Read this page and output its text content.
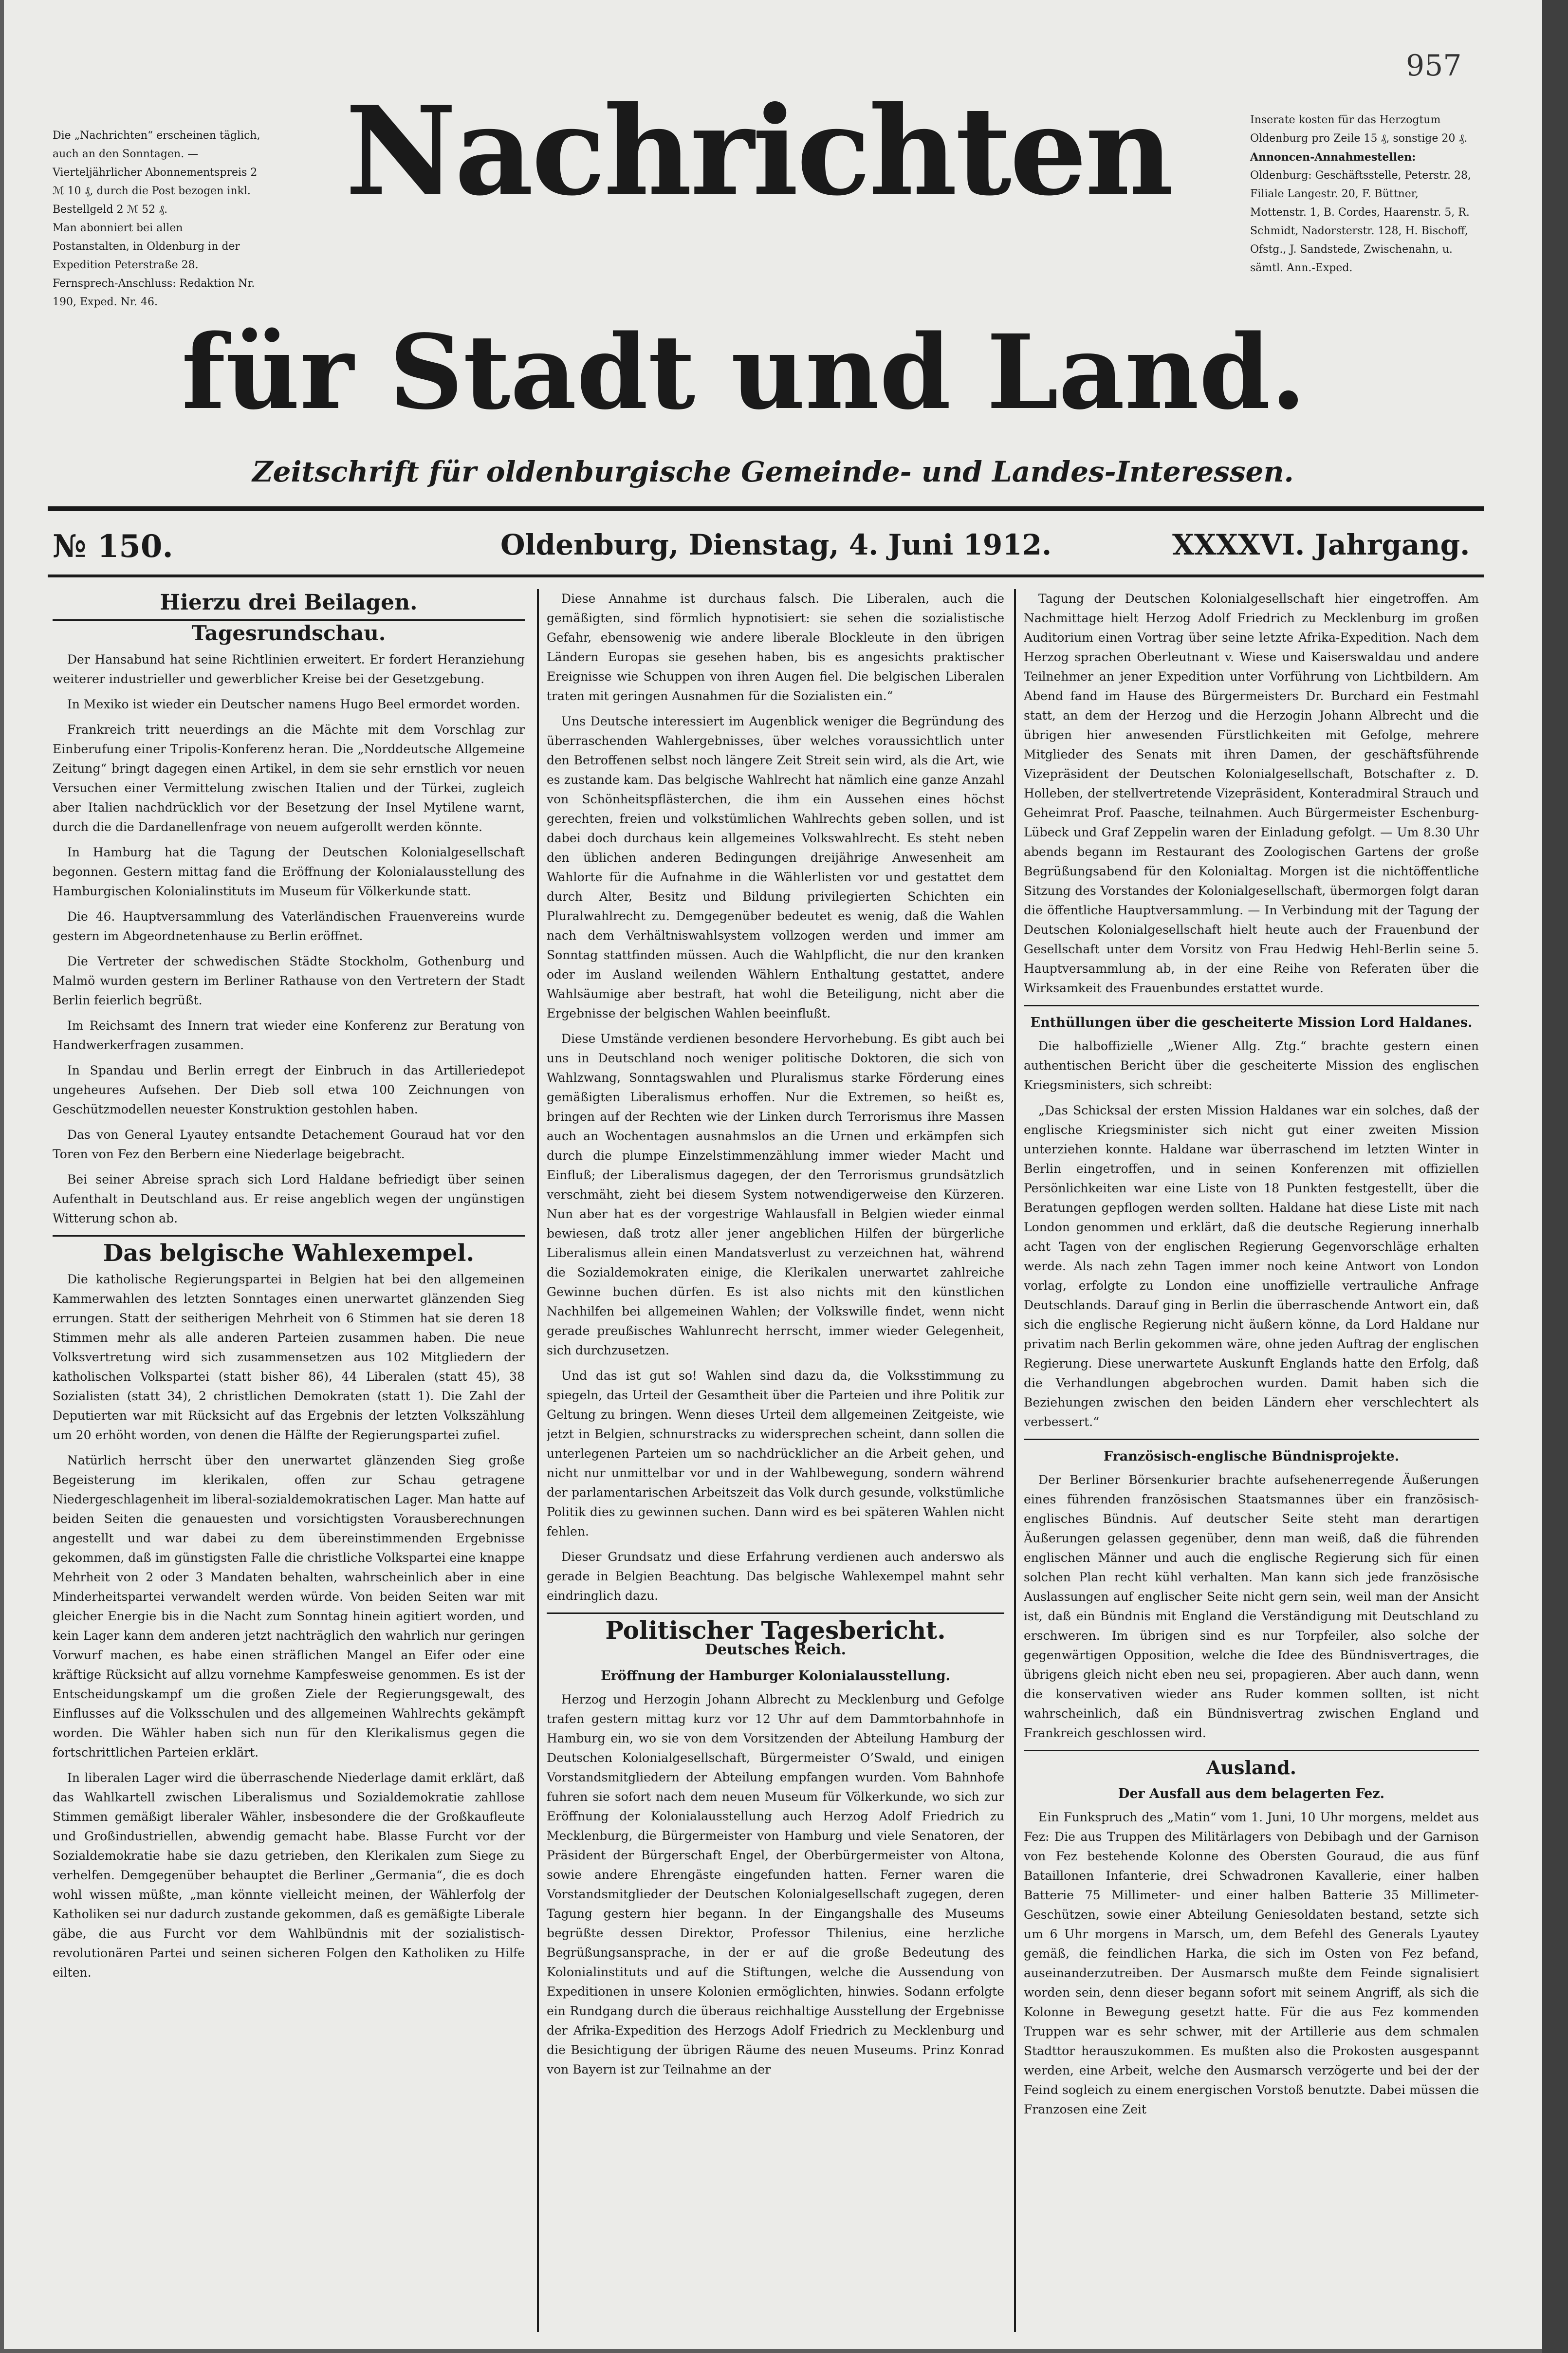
957

Die „Nachrichten“ erscheinen täglich, auch an den Sonntagen. — Vierteljährlicher Abonnementspreis 2 ℳ 10 ₰, durch die Post bezogen inkl. Bestellgeld 2 ℳ 52 ₰.

Man abonniert bei allen Postanstalten, in Oldenburg in der Expedition Peterstraße 28.

Fernsprech-Anschluss: Redaktion Nr. 190, Exped. Nr. 46.

Inserate kosten für das Herzogtum Oldenburg pro Zeile 15 ₰, sonstige 20 ₰.

Annoncen-Annahmestellen:

Oldenburg: Geschäftsstelle, Peterstr. 28, Filiale Langestr. 20, F. Büttner, Mottenstr. 1, B. Cordes, Haarenstr. 5, R. Schmidt, Nadorsterstr. 128, H. Bischoff, Ofstg., J. Sandstede, Zwischenahn, u. sämtl. Ann.-Exped.

Nachrichten
für Stadt und Land.
Zeitschrift für oldenburgische Gemeinde- und Landes-Interessen.
№ 150.	Oldenburg, Dienstag, 4. Juni 1912.	XXXXVI. Jahrgang.
Hierzu drei Beilagen.
Tagesrundschau.

Der Hansabund hat seine Richtlinien erweitert. Er fordert Heranziehung weiterer industrieller und gewerblicher Kreise bei der Gesetzgebung.

In Mexiko ist wieder ein Deutscher namens Hugo Beel ermordet worden.

Frankreich tritt neuerdings an die Mächte mit dem Vorschlag zur Einberufung einer Tripolis-Konferenz heran. Die „Norddeutsche Allgemeine Zeitung“ bringt dagegen einen Artikel, in dem sie sehr ernstlich vor neuen Versuchen einer Vermittelung zwischen Italien und der Türkei, zugleich aber Italien nachdrücklich vor der Besetzung der Insel Mytilene warnt, durch die die Dardanellenfrage von neuem aufgerollt werden könnte.

In Hamburg hat die Tagung der Deutschen Kolonialgesellschaft begonnen. Gestern mittag fand die Eröffnung der Kolonialausstellung des Hamburgischen Kolonialinstituts im Museum für Völkerkunde statt.

Die 46. Hauptversammlung des Vaterländischen Frauenvereins wurde gestern im Abgeordnetenhause zu Berlin eröffnet.

Die Vertreter der schwedischen Städte Stockholm, Gothenburg und Malmö wurden gestern im Berliner Rathause von den Vertretern der Stadt Berlin feierlich begrüßt.

Im Reichsamt des Innern trat wieder eine Konferenz zur Beratung von Handwerkerfragen zusammen.

In Spandau und Berlin erregt der Einbruch in das Artilleriedepot ungeheures Aufsehen. Der Dieb soll etwa 100 Zeichnungen von Geschützmodellen neuester Konstruktion gestohlen haben.

Das von General Lyautey entsandte Detachement Gouraud hat vor den Toren von Fez den Berbern eine Niederlage beigebracht.

Bei seiner Abreise sprach sich Lord Haldane befriedigt über seinen Aufenthalt in Deutschland aus. Er reise angeblich wegen der ungünstigen Witterung schon ab.

Das belgische Wahlexempel.

Die katholische Regierungspartei in Belgien hat bei den allgemeinen Kammerwahlen des letzten Sonntages einen unerwartet glänzenden Sieg errungen. Statt der seitherigen Mehrheit von 6 Stimmen hat sie deren 18 Stimmen mehr als alle anderen Parteien zusammen haben. Die neue Volksvertretung wird sich zusammensetzen aus 102 Mitgliedern der katholischen Volkspartei (statt bisher 86), 44 Liberalen (statt 45), 38 Sozialisten (statt 34), 2 christlichen Demokraten (statt 1). Die Zahl der Deputierten war mit Rücksicht auf das Ergebnis der letzten Volkszählung um 20 erhöht worden, von denen die Hälfte der Regierungspartei zufiel.

Natürlich herrscht über den unerwartet glänzenden Sieg große Begeisterung im klerikalen, offen zur Schau getragene Niedergeschlagenheit im liberal-sozialdemokratischen Lager. Man hatte auf beiden Seiten die genauesten und vorsichtigsten Vorausberechnungen angestellt und war dabei zu dem übereinstimmenden Ergebnisse gekommen, daß im günstigsten Falle die christliche Volkspartei eine knappe Mehrheit von 2 oder 3 Mandaten behalten, wahrscheinlich aber in eine Minderheitspartei verwandelt werden würde. Von beiden Seiten war mit gleicher Energie bis in die Nacht zum Sonntag hinein agitiert worden, und kein Lager kann dem anderen jetzt nachträglich den wahrlich nur geringen Vorwurf machen, es habe einen sträflichen Mangel an Eifer oder eine kräftige Rücksicht auf allzu vornehme Kampfesweise genommen. Es ist der Entscheidungskampf um die großen Ziele der Regierungsgewalt, des Einflusses auf die Volksschulen und des allgemeinen Wahlrechts gekämpft worden. Die Wähler haben sich nun für den Klerikalismus gegen die fortschrittlichen Parteien erklärt.

In liberalen Lager wird die überraschende Niederlage damit erklärt, daß das Wahlkartell zwischen Liberalismus und Sozialdemokratie zahllose Stimmen gemäßigt liberaler Wähler, insbesondere die der Großkaufleute und Großindustriellen, abwendig gemacht habe. Blasse Furcht vor der Sozialdemokratie habe sie dazu getrieben, den Klerikalen zum Siege zu verhelfen. Demgegenüber behauptet die Berliner „Germania“, die es doch wohl wissen müßte, „man könnte vielleicht meinen, der Wählerfolg der Katholiken sei nur dadurch zustande gekommen, daß es gemäßigte Liberale gäbe, die aus Furcht vor dem Wahlbündnis mit der sozialistisch-revolutionären Partei und seinen sicheren Folgen den Katholiken zu Hilfe eilten.

Diese Annahme ist durchaus falsch. Die Liberalen, auch die gemäßigten, sind förmlich hypnotisiert: sie sehen die sozialistische Gefahr, ebensowenig wie andere liberale Blockleute in den übrigen Ländern Europas sie gesehen haben, bis es angesichts praktischer Ereignisse wie Schuppen von ihren Augen fiel. Die belgischen Liberalen traten mit geringen Ausnahmen für die Sozialisten ein.“

Uns Deutsche interessiert im Augenblick weniger die Begründung des überraschenden Wahlergebnisses, über welches voraussichtlich unter den Betroffenen selbst noch längere Zeit Streit sein wird, als die Art, wie es zustande kam. Das belgische Wahlrecht hat nämlich eine ganze Anzahl von Schönheitspflästerchen, die ihm ein Aussehen eines höchst gerechten, freien und volkstümlichen Wahlrechts geben sollen, und ist dabei doch durchaus kein allgemeines Volkswahlrecht. Es steht neben den üblichen anderen Bedingungen dreijährige Anwesenheit am Wahlorte für die Aufnahme in die Wählerlisten vor und gestattet dem durch Alter, Besitz und Bildung privilegierten Schichten ein Pluralwahlrecht zu. Demgegenüber bedeutet es wenig, daß die Wahlen nach dem Verhältniswahlsystem vollzogen werden und immer am Sonntag stattfinden müssen. Auch die Wahlpflicht, die nur den kranken oder im Ausland weilenden Wählern Enthaltung gestattet, andere Wahlsäumige aber bestraft, hat wohl die Beteiligung, nicht aber die Ergebnisse der belgischen Wahlen beeinflußt.

Diese Umstände verdienen besondere Hervorhebung. Es gibt auch bei uns in Deutschland noch weniger politische Doktoren, die sich von Wahlzwang, Sonntagswahlen und Pluralismus starke Förderung eines gemäßigten Liberalismus erhoffen. Nur die Extremen, so heißt es, bringen auf der Rechten wie der Linken durch Terrorismus ihre Massen auch an Wochentagen ausnahmslos an die Urnen und erkämpfen sich durch die plumpe Einzelstimmenzählung immer wieder Macht und Einfluß; der Liberalismus dagegen, der den Terrorismus grundsätzlich verschmäht, zieht bei diesem System notwendigerweise den Kürzeren. Nun aber hat es der vorgestrige Wahlausfall in Belgien wieder einmal bewiesen, daß trotz aller jener angeblichen Hilfen der bürgerliche Liberalismus allein einen Mandatsverlust zu verzeichnen hat, während die Sozialdemokraten einige, die Klerikalen unerwartet zahlreiche Gewinne buchen dürfen. Es ist also nichts mit den künstlichen Nachhilfen bei allgemeinen Wahlen; der Volkswille findet, wenn nicht gerade preußisches Wahlunrecht herrscht, immer wieder Gelegenheit, sich durchzusetzen.

Und das ist gut so! Wahlen sind dazu da, die Volksstimmung zu spiegeln, das Urteil der Gesamtheit über die Parteien und ihre Politik zur Geltung zu bringen. Wenn dieses Urteil dem allgemeinen Zeitgeiste, wie jetzt in Belgien, schnurstracks zu widersprechen scheint, dann sollen die unterlegenen Parteien um so nachdrücklicher an die Arbeit gehen, und nicht nur unmittelbar vor und in der Wahlbewegung, sondern während der parlamentarischen Arbeitszeit das Volk durch gesunde, volkstümliche Politik dies zu gewinnen suchen. Dann wird es bei späteren Wahlen nicht fehlen.

Dieser Grundsatz und diese Erfahrung verdienen auch anderswo als gerade in Belgien Beachtung. Das belgische Wahlexempel mahnt sehr eindringlich dazu.

Politischer Tagesbericht.
Deutsches Reich.
Eröffnung der Hamburger Kolonialausstellung.

Herzog und Herzogin Johann Albrecht zu Mecklenburg und Gefolge trafen gestern mittag kurz vor 12 Uhr auf dem Dammtorbahnhofe in Hamburg ein, wo sie von dem Vorsitzenden der Abteilung Hamburg der Deutschen Kolonialgesellschaft, Bürgermeister O’Swald, und einigen Vorstandsmitgliedern der Abteilung empfangen wurden. Vom Bahnhofe fuhren sie sofort nach dem neuen Museum für Völkerkunde, wo sich zur Eröffnung der Kolonialausstellung auch Herzog Adolf Friedrich zu Mecklenburg, die Bürgermeister von Hamburg und viele Senatoren, der Präsident der Bürgerschaft Engel, der Oberbürgermeister von Altona, sowie andere Ehrengäste eingefunden hatten. Ferner waren die Vorstandsmitglieder der Deutschen Kolonialgesellschaft zugegen, deren Tagung gestern hier begann. In der Eingangshalle des Museums begrüßte dessen Direktor, Professor Thilenius, eine herzliche Begrüßungsansprache, in der er auf die große Bedeutung des Kolonialinstituts und auf die Stiftungen, welche die Aussendung von Expeditionen in unsere Kolonien ermöglichten, hinwies. Sodann erfolgte ein Rundgang durch die überaus reichhaltige Ausstellung der Ergebnisse der Afrika-Expedition des Herzogs Adolf Friedrich zu Mecklenburg und die Besichtigung der übrigen Räume des neuen Museums. Prinz Konrad von Bayern ist zur Teilnahme an der

Tagung der Deutschen Kolonialgesellschaft hier eingetroffen. Am Nachmittage hielt Herzog Adolf Friedrich zu Mecklenburg im großen Auditorium einen Vortrag über seine letzte Afrika-Expedition. Nach dem Herzog sprachen Oberleutnant v. Wiese und Kaiserswaldau und andere Teilnehmer an jener Expedition unter Vorführung von Lichtbildern. Am Abend fand im Hause des Bürgermeisters Dr. Burchard ein Festmahl statt, an dem der Herzog und die Herzogin Johann Albrecht und die übrigen hier anwesenden Fürstlichkeiten mit Gefolge, mehrere Mitglieder des Senats mit ihren Damen, der geschäftsführende Vizepräsident der Deutschen Kolonialgesellschaft, Botschafter z. D. Holleben, der stellvertretende Vizepräsident, Konteradmiral Strauch und Geheimrat Prof. Paasche, teilnahmen. Auch Bürgermeister Eschenburg-Lübeck und Graf Zeppelin waren der Einladung gefolgt. — Um 8.30 Uhr abends begann im Restaurant des Zoologischen Gartens der große Begrüßungsabend für den Kolonialtag. Morgen ist die nichtöffentliche Sitzung des Vorstandes der Kolonialgesellschaft, übermorgen folgt daran die öffentliche Hauptversammlung. — In Verbindung mit der Tagung der Deutschen Kolonialgesellschaft hielt heute auch der Frauenbund der Gesellschaft unter dem Vorsitz von Frau Hedwig Hehl-Berlin seine 5. Hauptversammlung ab, in der eine Reihe von Referaten über die Wirksamkeit des Frauenbundes erstattet wurde.

Enthüllungen über die gescheiterte Mission Lord Haldanes.

Die halboffizielle „Wiener Allg. Ztg.“ brachte gestern einen authentischen Bericht über die gescheiterte Mission des englischen Kriegsministers, sich schreibt:

„Das Schicksal der ersten Mission Haldanes war ein solches, daß der englische Kriegsminister sich nicht gut einer zweiten Mission unterziehen konnte. Haldane war überraschend im letzten Winter in Berlin eingetroffen, und in seinen Konferenzen mit offiziellen Persönlichkeiten war eine Liste von 18 Punkten festgestellt, über die Beratungen gepflogen werden sollten. Haldane hat diese Liste mit nach London genommen und erklärt, daß die deutsche Regierung innerhalb acht Tagen von der englischen Regierung Gegenvorschläge erhalten werde. Als nach zehn Tagen immer noch keine Antwort von London vorlag, erfolgte zu London eine unoffizielle vertrauliche Anfrage Deutschlands. Darauf ging in Berlin die überraschende Antwort ein, daß sich die englische Regierung nicht äußern könne, da Lord Haldane nur privatim nach Berlin gekommen wäre, ohne jeden Auftrag der englischen Regierung. Diese unerwartete Auskunft Englands hatte den Erfolg, daß die Verhandlungen abgebrochen wurden. Damit haben sich die Beziehungen zwischen den beiden Ländern eher verschlechtert als verbessert.“

Französisch-englische Bündnisprojekte.

Der Berliner Börsenkurier brachte aufsehenerregende Äußerungen eines führenden französischen Staatsmannes über ein französisch-englisches Bündnis. Auf deutscher Seite steht man derartigen Äußerungen gelassen gegenüber, denn man weiß, daß die führenden englischen Männer und auch die englische Regierung sich für einen solchen Plan recht kühl verhalten. Man kann sich jede französische Auslassungen auf englischer Seite nicht gern sein, weil man der Ansicht ist, daß ein Bündnis mit England die Verständigung mit Deutschland zu erschweren. Im übrigen sind es nur Torpfeiler, also solche der gegenwärtigen Opposition, welche die Idee des Bündnisvertrages, die übrigens gleich nicht eben neu sei, propagieren. Aber auch dann, wenn die konservativen wieder ans Ruder kommen sollten, ist nicht wahrscheinlich, daß ein Bündnisvertrag zwischen England und Frankreich geschlossen wird.

Ausland.
Der Ausfall aus dem belagerten Fez.

Ein Funkspruch des „Matin“ vom 1. Juni, 10 Uhr morgens, meldet aus Fez: Die aus Truppen des Militärlagers von Debibagh und der Garnison von Fez bestehende Kolonne des Obersten Gouraud, die aus fünf Bataillonen Infanterie, drei Schwadronen Kavallerie, einer halben Batterie 75 Millimeter- und einer halben Batterie 35 Millimeter-Geschützen, sowie einer Abteilung Geniesoldaten bestand, setzte sich um 6 Uhr morgens in Marsch, um, dem Befehl des Generals Lyautey gemäß, die feindlichen Harka, die sich im Osten von Fez befand, auseinanderzutreiben. Der Ausmarsch mußte dem Feinde signalisiert worden sein, denn dieser begann sofort mit seinem Angriff, als sich die Kolonne in Bewegung gesetzt hatte. Für die aus Fez kommenden Truppen war es sehr schwer, mit der Artillerie aus dem schmalen Stadttor herauszukommen. Es mußten also die Prokosten ausgespannt werden, eine Arbeit, welche den Ausmarsch verzögerte und bei der der Feind sogleich zu einem energischen Vorstoß benutzte. Dabei müssen die Franzosen eine Zeit
